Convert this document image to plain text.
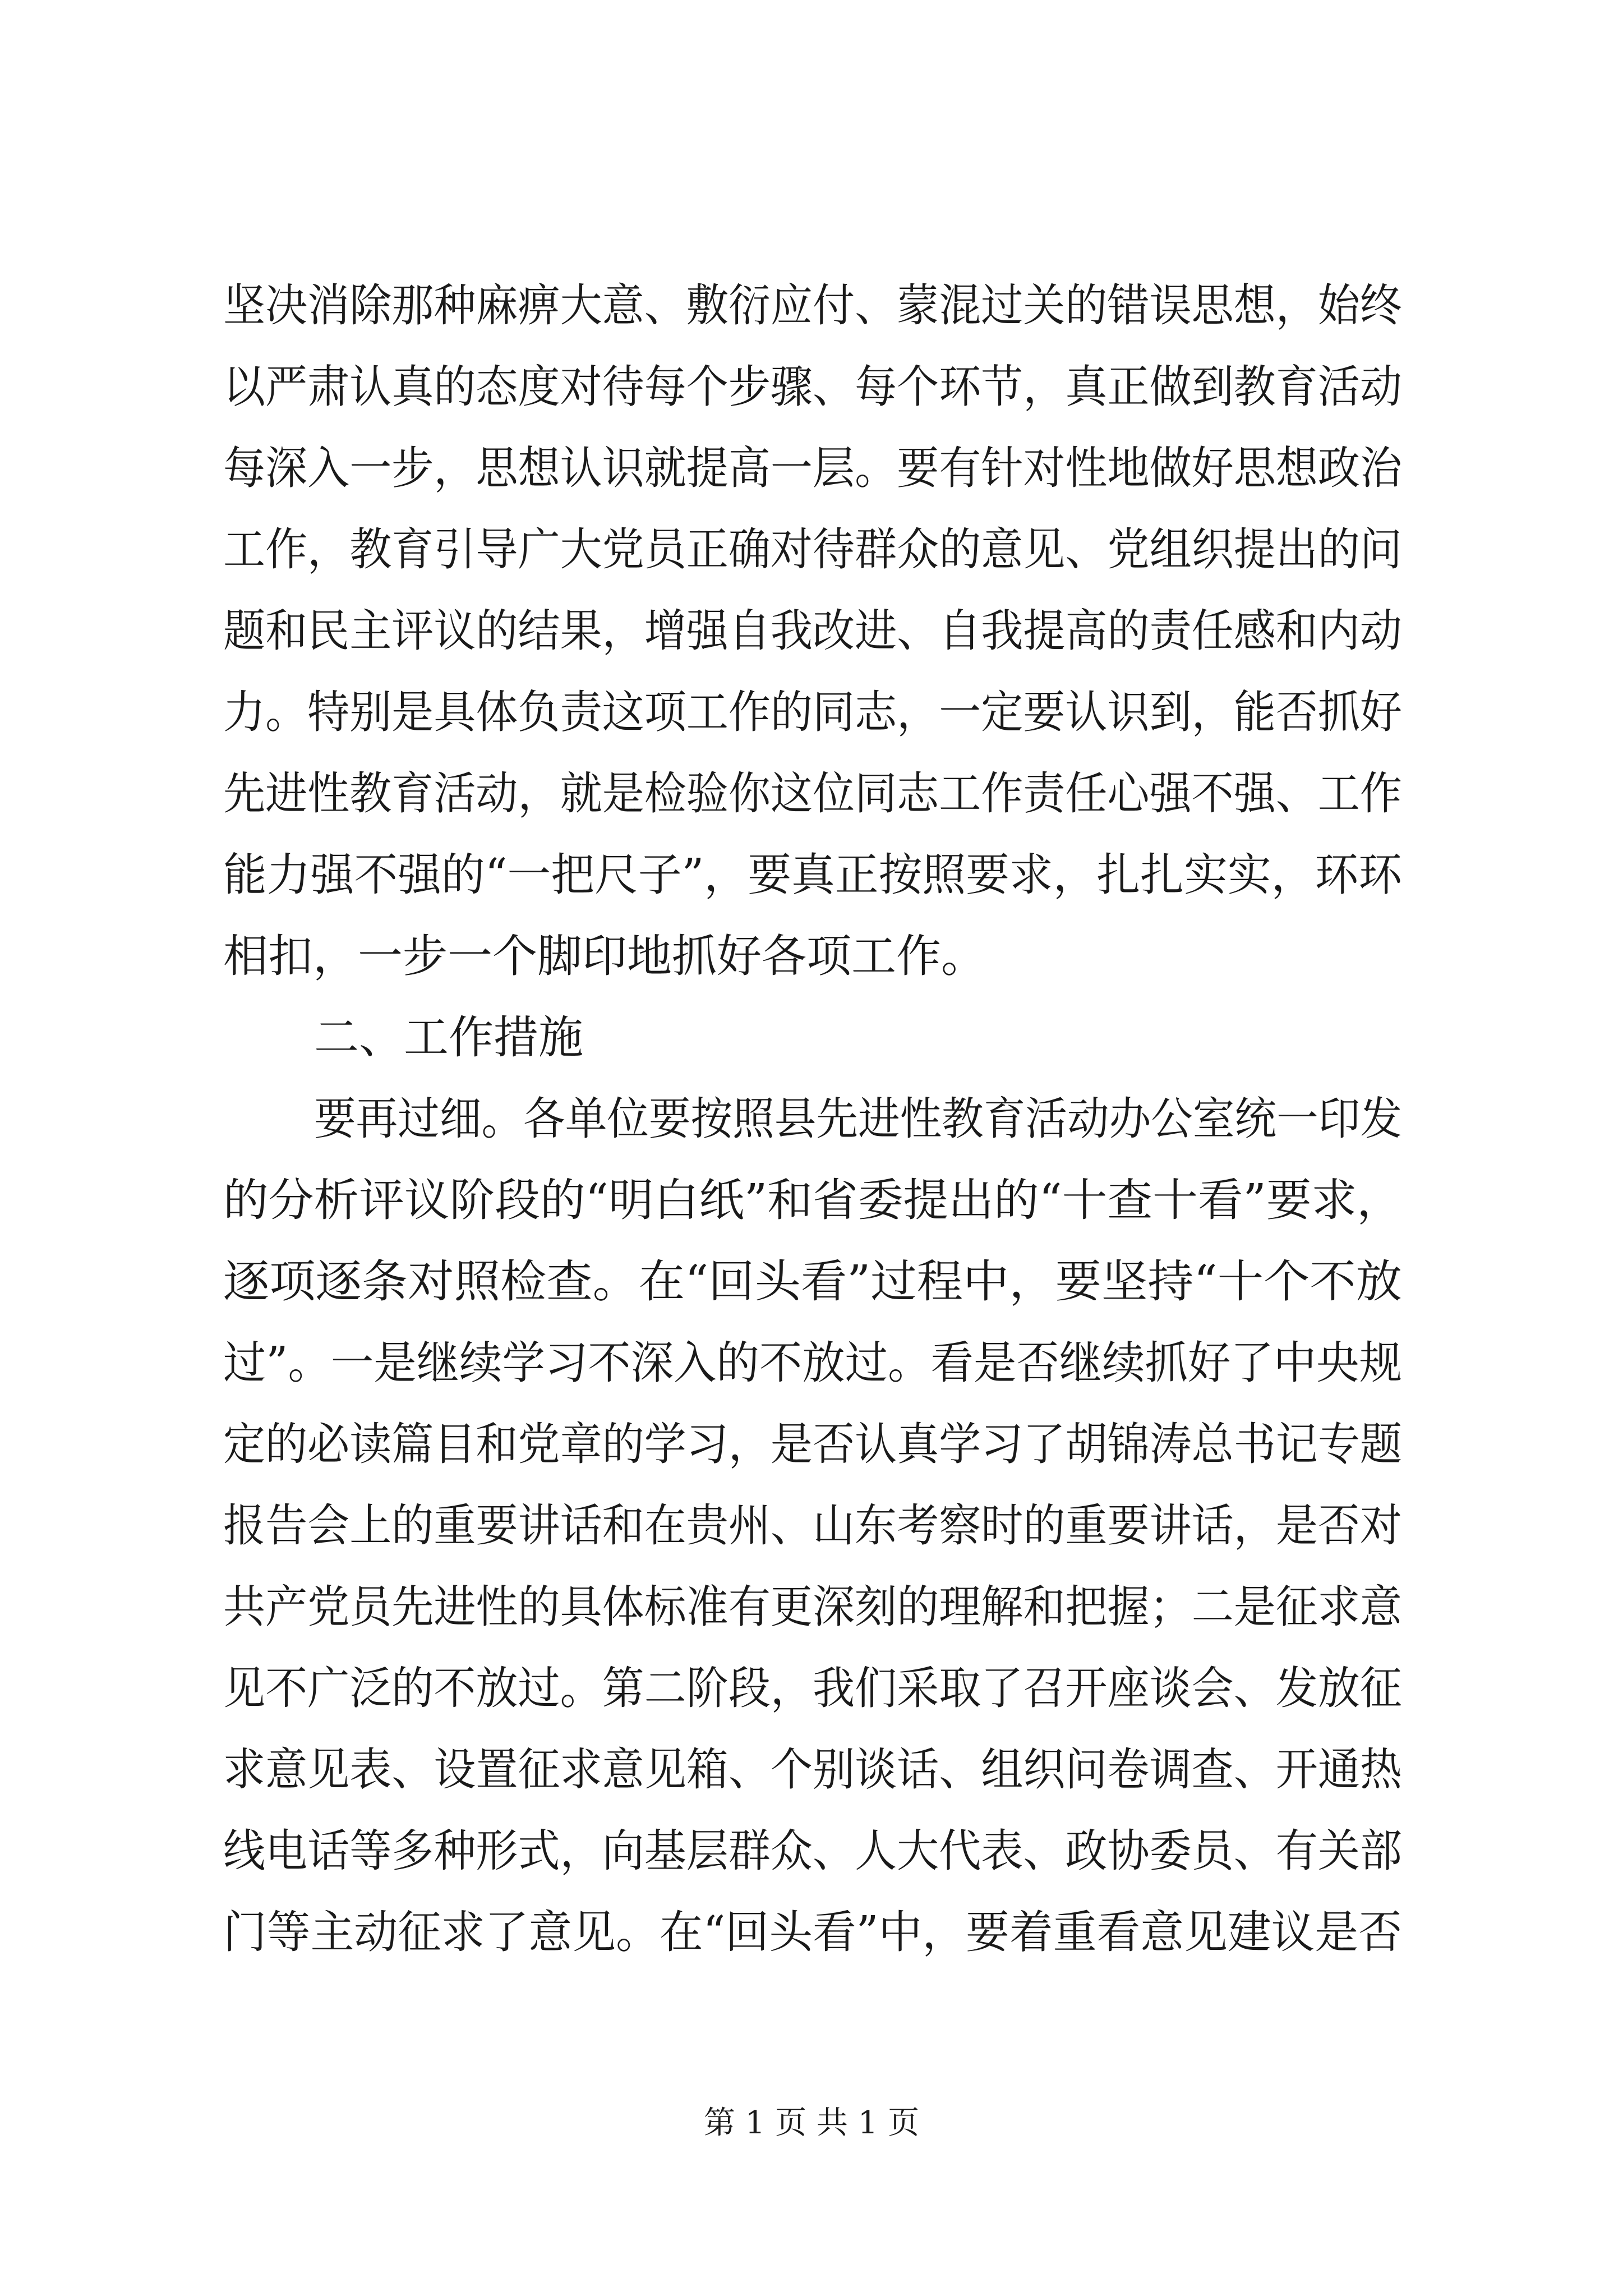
坚决消除那种麻痹大意、敷衍应付、蒙混过关的错误思想，始终
以严肃认真的态度对待每个步骤、每个环节，真正做到教育活动
每深入一步，思想认识就提高一层。要有针对性地做好思想政治
工作，教育引导广大党员正确对待群众的意见、党组织提出的问
题和民主评议的结果，增强自我改进、自我提高的责任感和内动
力。特别是具体负责这项工作的同志，一定要认识到，能否抓好
先进性教育活动，就是检验你这位同志工作责任心强不强、工作
能力强不强的“一把尺子”，要真正按照要求，扎扎实实，环环
相扣，一步一个脚印地抓好各项工作。
二、工作措施
要再过细。各单位要按照县先进性教育活动办公室统一印发
的分析评议阶段的“明白纸”和省委提出的“十查十看”要求，
逐项逐条对照检查。在“回头看”过程中，要坚持“十个不放
过”。一是继续学习不深入的不放过。看是否继续抓好了中央规
定的必读篇目和党章的学习，是否认真学习了胡锦涛总书记专题
报告会上的重要讲话和在贵州、山东考察时的重要讲话，是否对
共产党员先进性的具体标准有更深刻的理解和把握；二是征求意
见不广泛的不放过。第二阶段，我们采取了召开座谈会、发放征
求意见表、设置征求意见箱、个别谈话、组织问卷调查、开通热
线电话等多种形式，向基层群众、人大代表、政协委员、有关部
门等主动征求了意见。在“回头看”中，要着重看意见建议是否
第 1 页 共 1 页
